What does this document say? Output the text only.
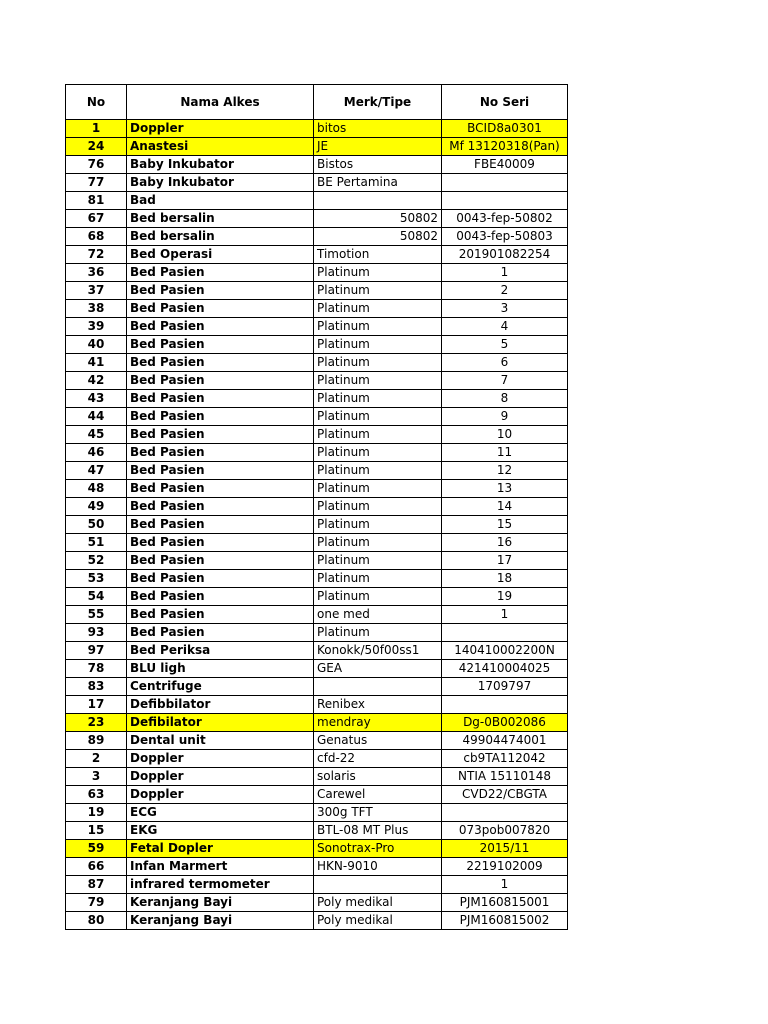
No	Nama Alkes	Merk/Tipe	No Seri
1	Doppler	bitos	BCID8a0301
24	Anastesi	JE	Mf 13120318(Pan)
76	Baby Inkubator	Bistos	FBE40009
77	Baby Inkubator	BE Pertamina	
81	Bad		
67	Bed bersalin	50802	0043-fep-50802
68	Bed bersalin	50802	0043-fep-50803
72	Bed Operasi	Timotion	201901082254
36	Bed Pasien	Platinum	1
37	Bed Pasien	Platinum	2
38	Bed Pasien	Platinum	3
39	Bed Pasien	Platinum	4
40	Bed Pasien	Platinum	5
41	Bed Pasien	Platinum	6
42	Bed Pasien	Platinum	7
43	Bed Pasien	Platinum	8
44	Bed Pasien	Platinum	9
45	Bed Pasien	Platinum	10
46	Bed Pasien	Platinum	11
47	Bed Pasien	Platinum	12
48	Bed Pasien	Platinum	13
49	Bed Pasien	Platinum	14
50	Bed Pasien	Platinum	15
51	Bed Pasien	Platinum	16
52	Bed Pasien	Platinum	17
53	Bed Pasien	Platinum	18
54	Bed Pasien	Platinum	19
55	Bed Pasien	one med	1
93	Bed Pasien	Platinum	
97	Bed Periksa	Konokk/50f00ss1	140410002200N
78	BLU ligh	GEA	421410004025
83	Centrifuge		1709797
17	Defibbilator	Renibex	
23	Defibilator	mendray	Dg-0B002086
89	Dental unit	Genatus	49904474001
2	Doppler	cfd-22	cb9TA112042
3	Doppler	solaris	NTIA 15110148
63	Doppler	Carewel	CVD22/CBGTA
19	ECG	300g TFT	
15	EKG	BTL-08 MT Plus	073pob007820
59	Fetal Dopler	Sonotrax-Pro	2015/11
66	Infan Marmert	HKN-9010	2219102009
87	infrared termometer		1
79	Keranjang Bayi	Poly medikal	PJM160815001
80	Keranjang Bayi	Poly medikal	PJM160815002
